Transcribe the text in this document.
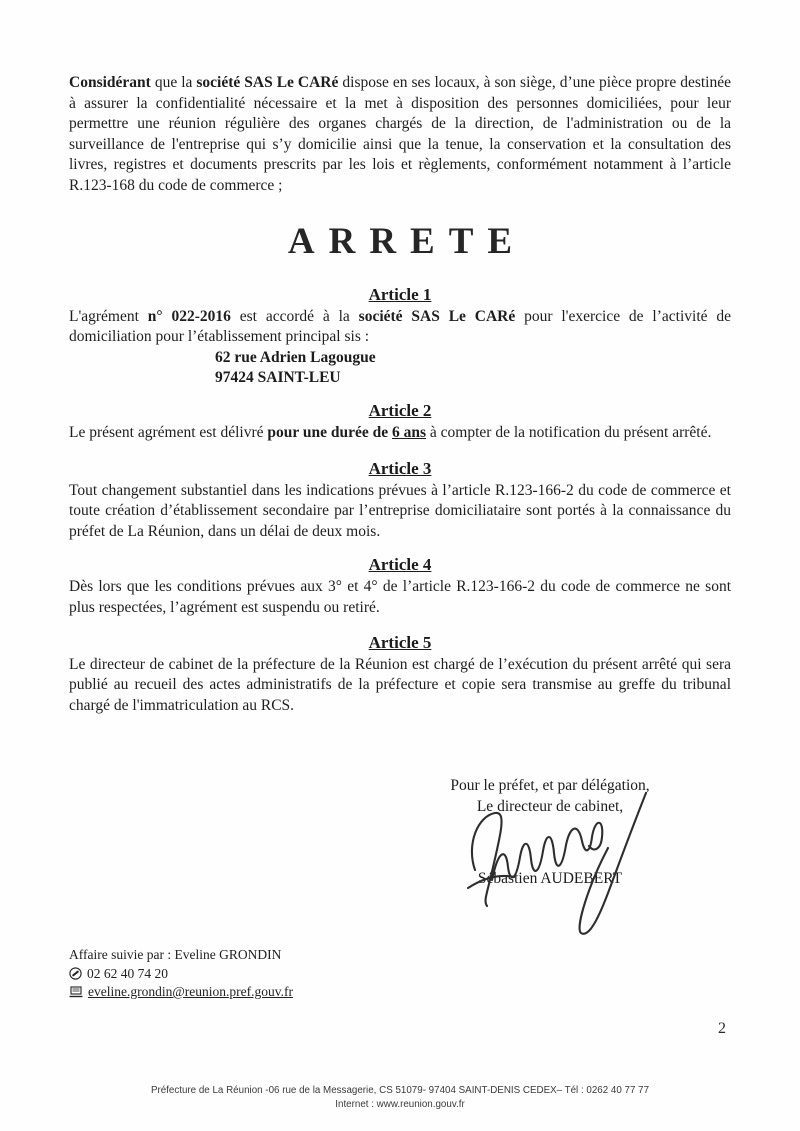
Considérant que la société SAS Le CARé dispose en ses locaux, à son siège, d’une pièce propre destinée à assurer la confidentialité nécessaire et la met à disposition des personnes domiciliées, pour leur permettre une réunion régulière des organes chargés de la direction, de l'administration ou de la surveillance de l'entreprise qui s’y domicilie ainsi que la tenue, la conservation et la consultation des livres, registres et documents prescrits par les lois et règlements, conformément notamment à l’article R.123-168 du code de commerce ;

ARRETE
Article 1

L'agrément n° 022-2016 est accordé à la société SAS Le CARé pour l'exercice de l’activité de domiciliation pour l’établissement principal sis :

62 rue Adrien Lagougue
97424 SAINT-LEU
Article 2

Le présent agrément est délivré pour une durée de 6 ans à compter de la notification du présent arrêté.

Article 3

Tout changement substantiel dans les indications prévues à l’article R.123-166-2 du code de commerce et toute création d’établissement secondaire par l’entreprise domiciliataire sont portés à la connaissance du préfet de La Réunion, dans un délai de deux mois.

Article 4

Dès lors que les conditions prévues aux 3° et 4° de l’article R.123-166-2 du code de commerce ne sont plus respectées, l’agrément est suspendu ou retiré.

Article 5

Le directeur de cabinet de la préfecture de la Réunion est chargé de l’exécution du présent arrêté qui sera publié au recueil des actes administratifs de la préfecture et copie sera transmise au greffe du tribunal chargé de l'immatriculation au RCS.

Pour le préfet, et par délégation,
Le directeur de cabinet,
Sébastien AUDEBERT
Affaire suivie par : Eveline GRONDIN
02 62 40 74 20
eveline.grondin@reunion.pref.gouv.fr
2
Préfecture de La Réunion -06 rue de la Messagerie, CS 51079- 97404 SAINT-DENIS CEDEX– Tél : 0262 40 77 77
Internet : www.reunion.gouv.fr
